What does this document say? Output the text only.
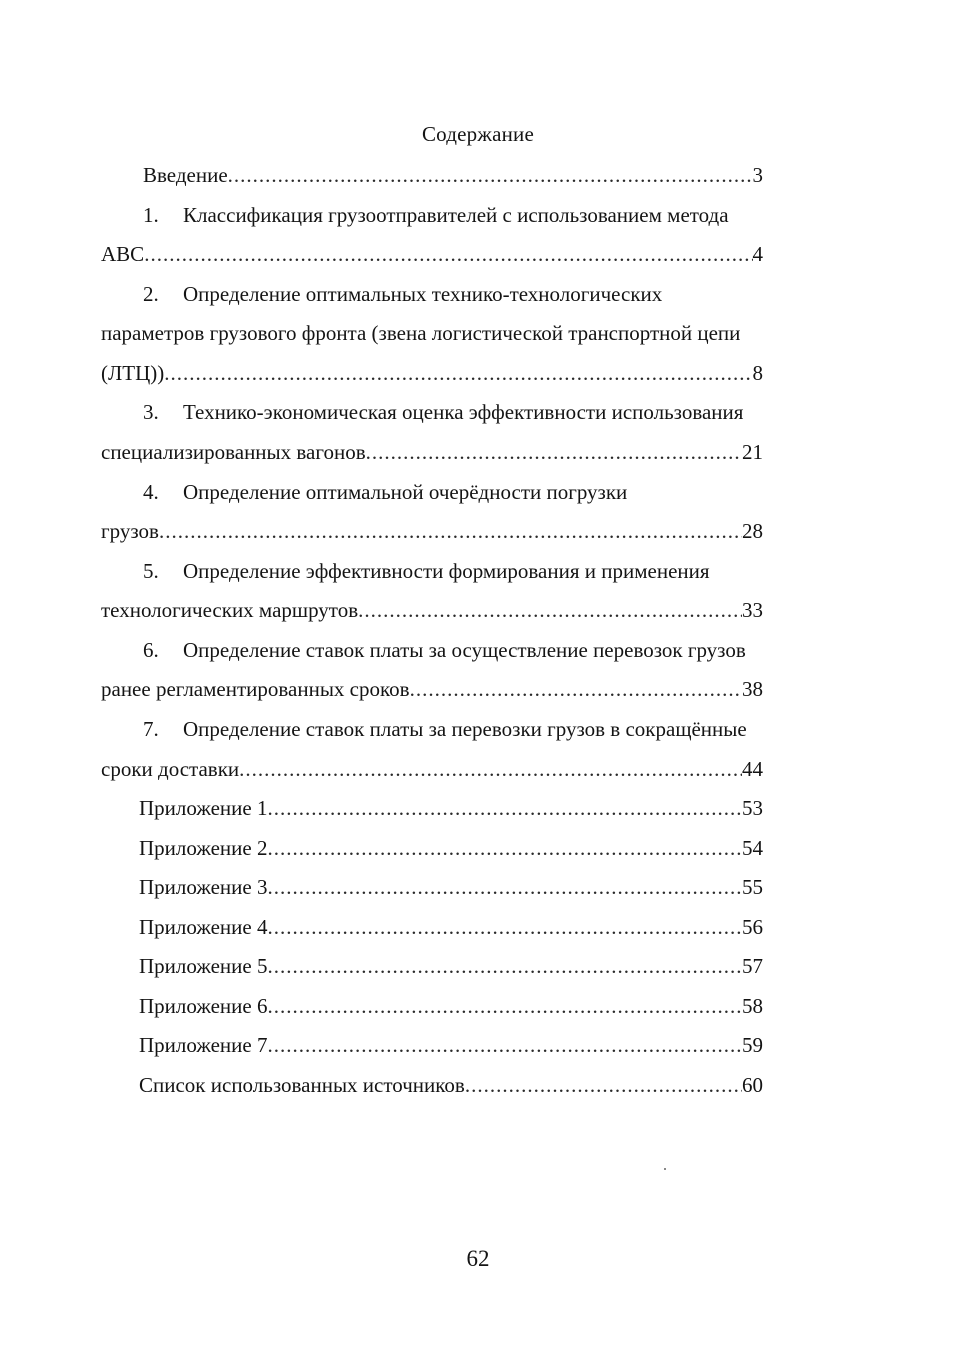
Содержание
Введение .....	3
1. Классификация грузоотправителей с использованием метода
АВС .....	4
2. Определение оптимальных технико-технологических
параметров грузового фронта (звена логистической транспортной цепи
(ЛТЦ)) .....	8
3. Технико-экономическая оценка эффективности использования
специализированных вагонов .....	21
4. Определение оптимальной очерёдности погрузки
грузов .....	28
5. Определение эффективности формирования и применения
технологических маршрутов .....	33
6. Определение ставок платы за осуществление перевозок грузов
ранее регламентированных сроков .....	38
7. Определение ставок платы за перевозки грузов в сокращённые
сроки доставки .....	44
Приложение 1 .....	53
Приложение 2 .....	54
Приложение 3 .....	55
Приложение 4 .....	56
Приложение 5 .....	57
Приложение 6 .....	58
Приложение 7 .....	59
Список использованных источников .....	60
62
